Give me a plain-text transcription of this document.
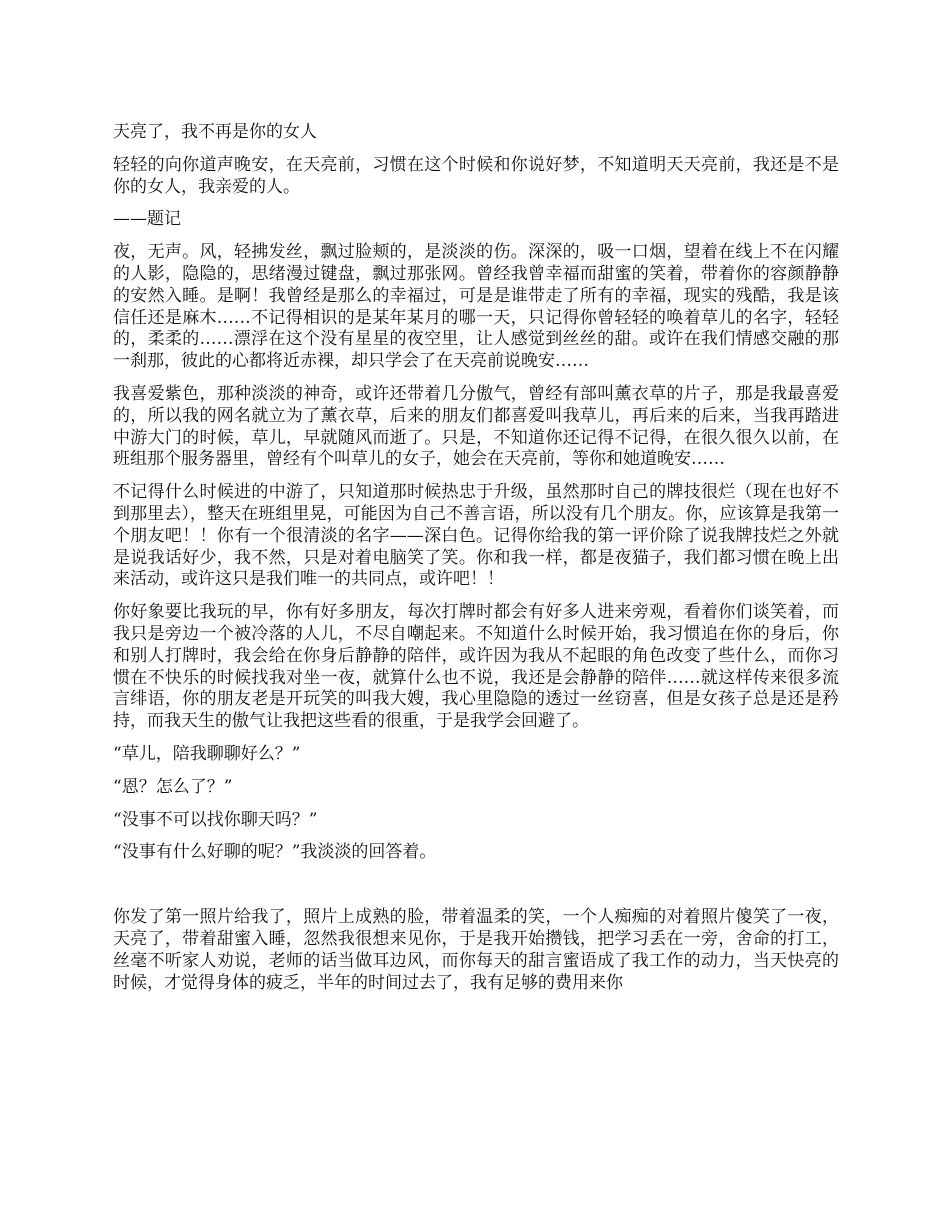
天亮了，我不再是你的女人

轻轻的向你道声晚安，在天亮前，习惯在这个时候和你说好梦，不知道明天天亮前，我还是不是你的女人，我亲爱的人。

——题记

夜，无声。风，轻拂发丝，飘过脸颊的，是淡淡的伤。深深的，吸一口烟，望着在线上不在闪耀的人影，隐隐的，思绪漫过键盘，飘过那张网。曾经我曾幸福而甜蜜的笑着，带着你的容颜静静的安然入睡。是啊！我曾经是那么的幸福过，可是是谁带走了所有的幸福，现实的残酷，我是该信任还是麻木……不记得相识的是某年某月的哪一天，只记得你曾轻轻的唤着草儿的名字，轻轻的，柔柔的……漂浮在这个没有星星的夜空里，让人感觉到丝丝的甜。或许在我们情感交融的那一刹那，彼此的心都将近赤裸，却只学会了在天亮前说晚安……

我喜爱紫色，那种淡淡的神奇，或许还带着几分傲气，曾经有部叫薰衣草的片子，那是我最喜爱的，所以我的网名就立为了薰衣草，后来的朋友们都喜爱叫我草儿，再后来的后来，当我再踏进中游大门的时候，草儿，早就随风而逝了。只是，不知道你还记得不记得，在很久很久以前，在班组那个服务器里，曾经有个叫草儿的女子，她会在天亮前，等你和她道晚安……

不记得什么时候进的中游了，只知道那时候热忠于升级，虽然那时自己的牌技很烂（现在也好不到那里去），整天在班组里晃，可能因为自己不善言语，所以没有几个朋友。你，应该算是我第一个朋友吧！！你有一个很清淡的名字——深白色。记得你给我的第一评价除了说我牌技烂之外就是说我话好少，我不然，只是对着电脑笑了笑。你和我一样，都是夜猫子，我们都习惯在晚上出来活动，或许这只是我们唯一的共同点，或许吧！！

你好象要比我玩的早，你有好多朋友，每次打牌时都会有好多人进来旁观，看着你们谈笑着，而我只是旁边一个被冷落的人儿，不尽自嘲起来。不知道什么时候开始，我习惯追在你的身后，你和别人打牌时，我会给在你身后静静的陪伴，或许因为我从不起眼的角色改变了些什么，而你习惯在不快乐的时候找我对坐一夜，就算什么也不说，我还是会静静的陪伴……就这样传来很多流言绯语，你的朋友老是开玩笑的叫我大嫂，我心里隐隐的透过一丝窃喜，但是女孩子总是还是矜持，而我天生的傲气让我把这些看的很重，于是我学会回避了。

“草儿，陪我聊聊好么？”

“恩？怎么了？”

“没事不可以找你聊天吗？”

“没事有什么好聊的呢？”我淡淡的回答着。

你发了第一照片给我了，照片上成熟的脸，带着温柔的笑，一个人痴痴的对着照片傻笑了一夜，天亮了，带着甜蜜入睡，忽然我很想来见你，于是我开始攒钱，把学习丢在一旁，舍命的打工，丝毫不听家人劝说，老师的话当做耳边风，而你每天的甜言蜜语成了我工作的动力，当天快亮的时候，才觉得身体的疲乏，半年的时间过去了，我有足够的费用来你
